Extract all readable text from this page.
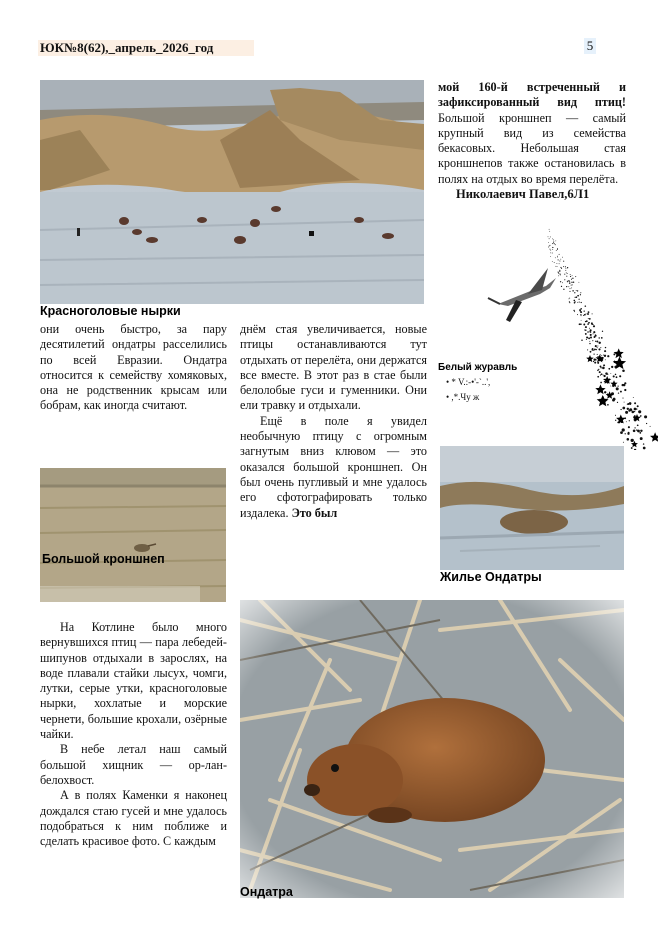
ЮК№8(62),_апрель_2026_год	5
Красноголовые нырки

мой 160-й встреченный и зафиксированный вид птиц! Большой кроншнеп — самый крупный вид из семейства бекасовых. Небольшая стая кроншнепов также остановилась в полях на отдых во время перелёта.

Николаевич Павел,6Л1

Белый журавль
• * V.:-•'-`..',
• ,*.Чу ж
они очень быстро, за пару десятилетий ондатры расселились по всей Евразии. Ондатра относится к семейству хомяковых, она не родственник крысам или бобрам, как иногда считают.

днём стая увеличивается, новые птицы останавливаются тут отдыхать от перелёта, они держатся все вместе. В этот раз в стае были белолобые гуси и гуменники. Они ели травку и отдыхали.

Ещё в поле я увидел необычную птицу с огромным загнутым вниз клювом — это оказался большой кроншнеп. Он был очень пугливый и мне удалось его сфотографировать только издалека. Это был

Большой кроншнеп
Жилье Ондатры

На Котлине было много вернувшихся птиц — пара лебедей-шипунов отдыхали в зарослях, на воде плавали стайки лысух, чомги, лутки, серые утки, красноголовые нырки, хохлатые и морские чернети, большие крохали, озёрные чайки.

В небе летал наш самый большой хищник — ор-лан-белохвост.

А в полях Каменки я наконец дождался стаю гусей и мне удалось подобраться к ним поближе и сделать красивое фото. С каждым

Ондатра
